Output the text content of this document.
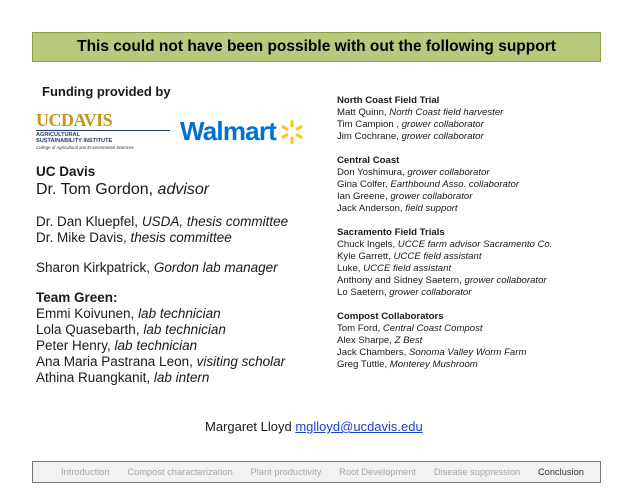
This could not have been possible with out the following support
Funding provided by
UCDAVIS
AGRICULTURAL
SUSTAINABILITY INSTITUTE
College of Agricultural and Environmental Sciences
Walmart
UC Davis
Dr. Tom Gordon, advisor
Dr. Dan Kluepfel, USDA, thesis committee
Dr. Mike Davis, thesis committee
Sharon Kirkpatrick, Gordon lab manager
Team Green:
Emmi Koivunen, lab technician
Lola Quasebarth, lab technician
Peter Henry, lab technician
Ana Maria Pastrana Leon, visiting scholar
Athina Ruangkanit, lab intern
North Coast Field Trial
Matt Quinn, North Coast field harvester
Tim Campion , grower collaborator
Jim Cochrane, grower collaborator
Central Coast
Don Yoshimura, grower collaborator
Gina Colfer, Earthbound Asso. collaborator
Ian Greene, grower collaborator
Jack Anderson, field support
Sacramento Field Trials
Chuck Ingels, UCCE farm advisor Sacramento Co.
Kyle Garrett, UCCE field assistant
Luke, UCCE field assistant
Anthony and Sidney Saetern, grower collaborator
Lo Saetern, grower collaborator
Compost Collaborators
Tom Ford, Central Coast Compost
Alex Sharpe, Z Best
Jack Chambers, Sonoma Valley Worm Farm
Greg Tuttle, Monterey Mushroom
Margaret Lloyd mglloyd@ucdavis.edu
Introduction Compost characterization Plant productivity Root Development Disease suppression Conclusion
